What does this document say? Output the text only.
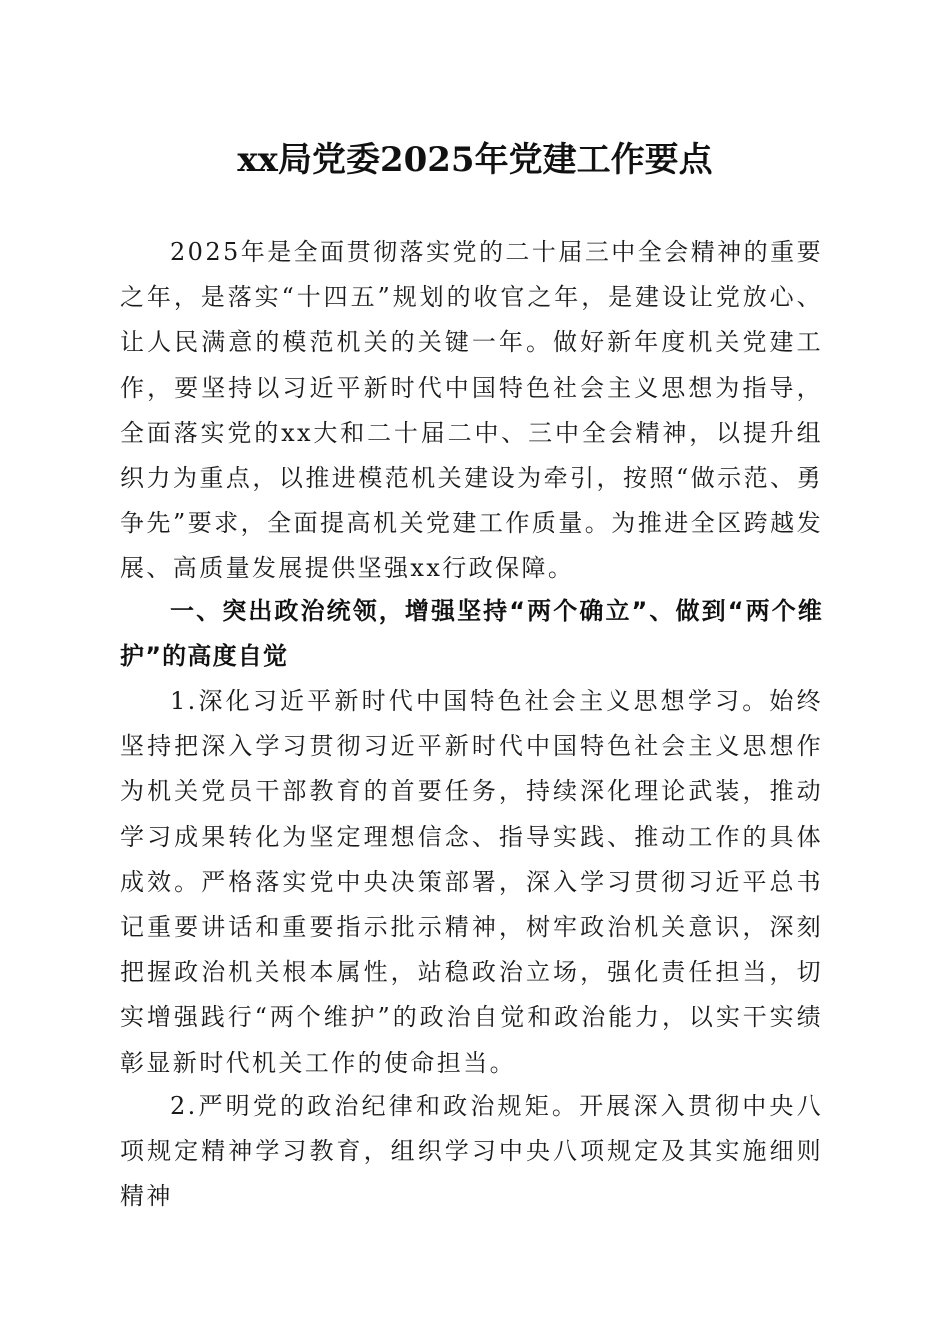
xx局党委2025年党建工作要点

2025年是全面贯彻落实党的二十届三中全会精神的重要之年，是落实“十四五”规划的收官之年，是建设让党放心、让人民满意的模范机关的关键一年。做好新年度机关党建工作，要坚持以习近平新时代中国特色社会主义思想为指导，全面落实党的xx大和二十届二中、三中全会精神，以提升组织力为重点，以推进模范机关建设为牵引，按照“做示范、勇争先”要求，全面提高机关党建工作质量。为推进全区跨越发展、高质量发展提供坚强xx行政保障。

一、突出政治统领，增强坚持“两个确立”、做到“两个维护”的高度自觉

1.深化习近平新时代中国特色社会主义思想学习。始终坚持把深入学习贯彻习近平新时代中国特色社会主义思想作为机关党员干部教育的首要任务，持续深化理论武装，推动学习成果转化为坚定理想信念、指导实践、推动工作的具体成效。严格落实党中央决策部署，深入学习贯彻习近平总书记重要讲话和重要指示批示精神，树牢政治机关意识，深刻把握政治机关根本属性，站稳政治立场，强化责任担当，切实增强践行“两个维护”的政治自觉和政治能力，以实干实绩彰显新时代机关工作的使命担当。

2.严明党的政治纪律和政治规矩。开展深入贯彻中央八项规定精神学习教育，组织学习中央八项规定及其实施细则精神
